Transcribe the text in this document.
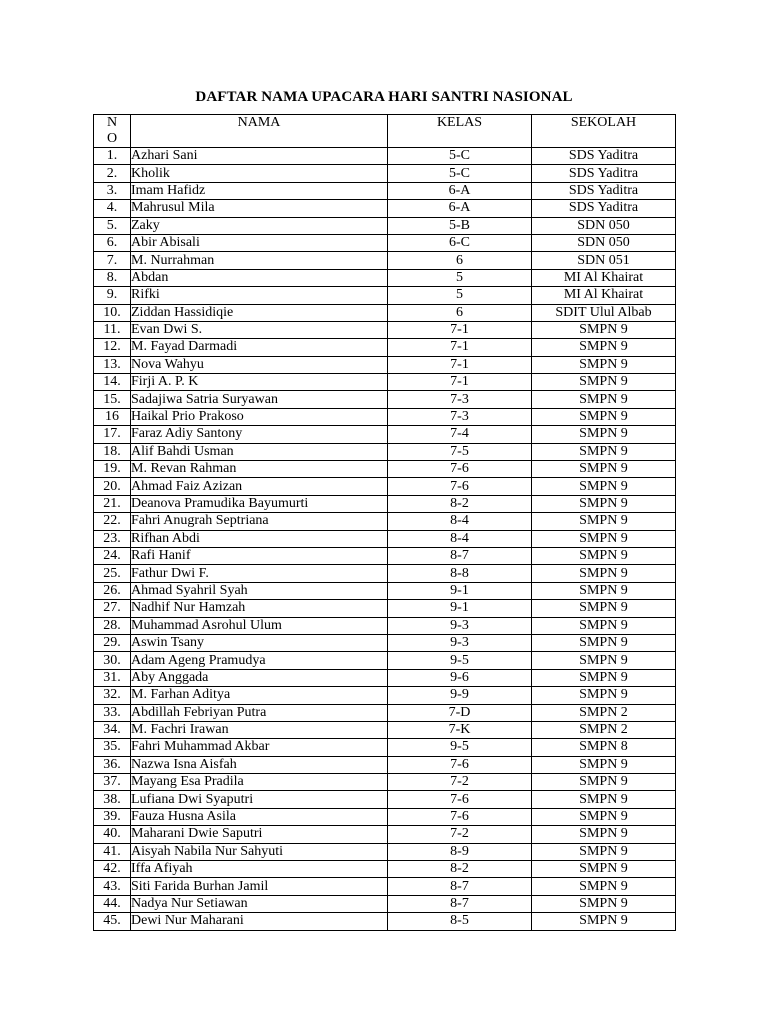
DAFTAR NAMA UPACARA HARI SANTRI NASIONAL
N
O	NAMA	KELAS	SEKOLAH
1.	Azhari Sani	5-C	SDS Yaditra
2.	Kholik	5-C	SDS Yaditra
3.	Imam Hafidz	6-A	SDS Yaditra
4.	Mahrusul Mila	6-A	SDS Yaditra
5.	Zaky	5-B	SDN 050
6.	Abir Abisali	6-C	SDN 050
7.	M. Nurrahman	6	SDN 051
8.	Abdan	5	MI Al Khairat
9.	Rifki	5	MI Al Khairat
10.	Ziddan Hassidiqie	6	SDIT Ulul Albab
11.	Evan Dwi S.	7-1	SMPN 9
12.	M. Fayad Darmadi	7-1	SMPN 9
13.	Nova Wahyu	7-1	SMPN 9
14.	Firji A. P. K	7-1	SMPN 9
15.	Sadajiwa Satria Suryawan	7-3	SMPN 9
16	Haikal Prio Prakoso	7-3	SMPN 9
17.	Faraz Adiy Santony	7-4	SMPN 9
18.	Alif Bahdi Usman	7-5	SMPN 9
19.	M. Revan Rahman	7-6	SMPN 9
20.	Ahmad Faiz Azizan	7-6	SMPN 9
21.	Deanova Pramudika Bayumurti	8-2	SMPN 9
22.	Fahri Anugrah Septriana	8-4	SMPN 9
23.	Rifhan Abdi	8-4	SMPN 9
24.	Rafi Hanif	8-7	SMPN 9
25.	Fathur Dwi F.	8-8	SMPN 9
26.	Ahmad Syahril Syah	9-1	SMPN 9
27.	Nadhif Nur Hamzah	9-1	SMPN 9
28.	Muhammad Asrohul Ulum	9-3	SMPN 9
29.	Aswin Tsany	9-3	SMPN 9
30.	Adam Ageng Pramudya	9-5	SMPN 9
31.	Aby Anggada	9-6	SMPN 9
32.	M. Farhan Aditya	9-9	SMPN 9
33.	Abdillah Febriyan Putra	7-D	SMPN 2
34.	M. Fachri Irawan	7-K	SMPN 2
35.	Fahri Muhammad Akbar	9-5	SMPN 8
36.	Nazwa Isna Aisfah	7-6	SMPN 9
37.	Mayang Esa Pradila	7-2	SMPN 9
38.	Lufiana Dwi Syaputri	7-6	SMPN 9
39.	Fauza Husna Asila	7-6	SMPN 9
40.	Maharani Dwie Saputri	7-2	SMPN 9
41.	Aisyah Nabila Nur Sahyuti	8-9	SMPN 9
42.	Iffa Afiyah	8-2	SMPN 9
43.	Siti Farida Burhan Jamil	8-7	SMPN 9
44.	Nadya Nur Setiawan	8-7	SMPN 9
45.	Dewi Nur Maharani	8-5	SMPN 9
